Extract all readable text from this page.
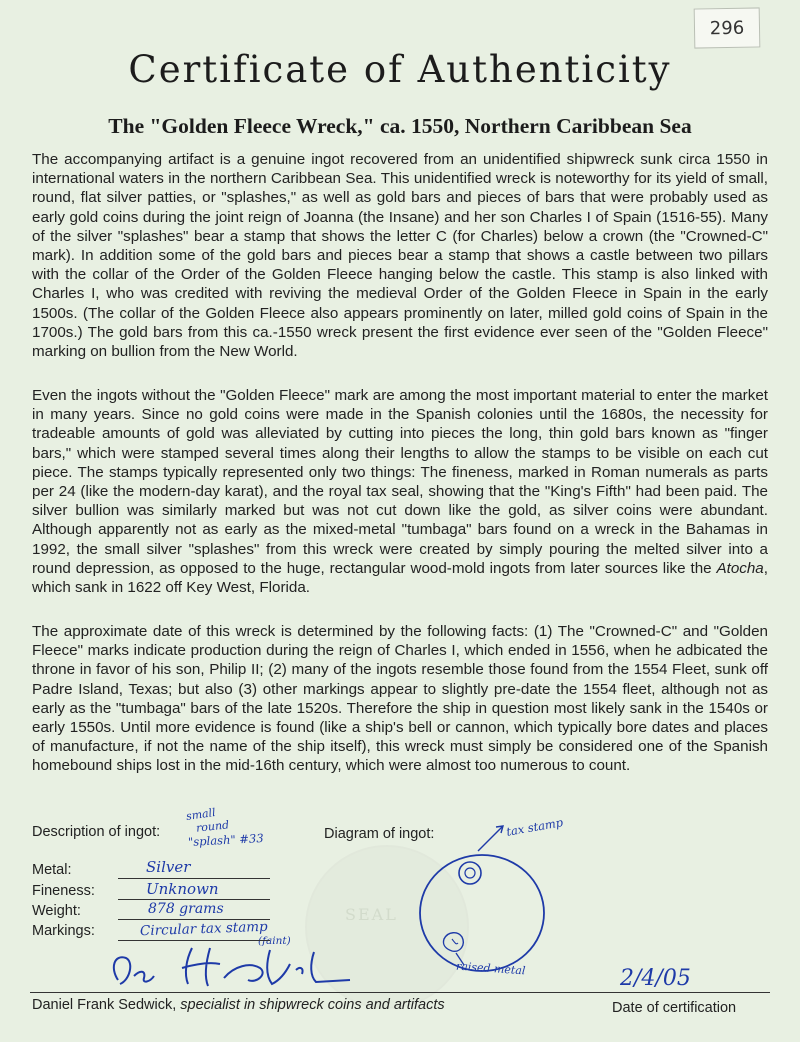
296
Certificate of Authenticity
The "Golden Fleece Wreck," ca. 1550, Northern Caribbean Sea

The accompanying artifact is a genuine ingot recovered from an unidentified shipwreck sunk circa 1550 in international waters in the northern Caribbean Sea. This unidentified wreck is noteworthy for its yield of small, round, flat silver patties, or "splashes," as well as gold bars and pieces of bars that were probably used as early gold coins during the joint reign of Joanna (the Insane) and her son Charles I of Spain (1516-55). Many of the silver "splashes" bear a stamp that shows the letter C (for Charles) below a crown (the "Crowned-C" mark). In addition some of the gold bars and pieces bear a stamp that shows a castle between two pillars with the collar of the Order of the Golden Fleece hanging below the castle. This stamp is also linked with Charles I, who was credited with reviving the medieval Order of the Golden Fleece in Spain in the early 1500s. (The collar of the Golden Fleece also appears prominently on later, milled gold coins of Spain in the 1700s.) The gold bars from this ca.-1550 wreck present the first evidence ever seen of the "Golden Fleece" marking on bullion from the New World.

Even the ingots without the "Golden Fleece" mark are among the most important material to enter the market in many years. Since no gold coins were made in the Spanish colonies until the 1680s, the necessity for tradeable amounts of gold was alleviated by cutting into pieces the long, thin gold bars known as "finger bars," which were stamped several times along their lengths to allow the stamps to be visible on each cut piece. The stamps typically represented only two things: The fineness, marked in Roman numerals as parts per 24 (like the modern-day karat), and the royal tax seal, showing that the "King's Fifth" had been paid. The silver bullion was similarly marked but was not cut down like the gold, as silver coins were abundant. Although apparently not as early as the mixed-metal "tumbaga" bars found on a wreck in the Bahamas in 1992, the small silver "splashes" from this wreck were created by simply pouring the melted silver into a round depression, as opposed to the huge, rectangular wood-mold ingots from later sources like the Atocha, which sank in 1622 off Key West, Florida.

The approximate date of this wreck is determined by the following facts: (1) The "Crowned-C" and "Golden Fleece" marks indicate production during the reign of Charles I, which ended in 1556, when he adbicated the throne in favor of his son, Philip II; (2) many of the ingots resemble those found from the 1554 Fleet, sunk off Padre Island, Texas; but also (3) other markings appear to slightly pre-date the 1554 fleet, although not as early as the "tumbaga" bars of the late 1520s. Therefore the ship in question most likely sank in the 1540s or early 1550s. Until more evidence is found (like a ship's bell or cannon, which typically bore dates and places of manufacture, if not the name of the ship itself), this wreck must simply be considered one of the Spanish homebound ships lost in the mid-16th century, which were almost too numerous to count.

SEAL
Description of ingot:
small
round
"splash" #33	Diagram of ingot:
Metal:	Silver
Fineness:	Unknown
Weight:	878 grams
Markings:	Circular tax stamp
(faint)
tax stamp
raised metal	2/4/05
Daniel Frank Sedwick, specialist in shipwreck coins and artifacts	Date of certification
